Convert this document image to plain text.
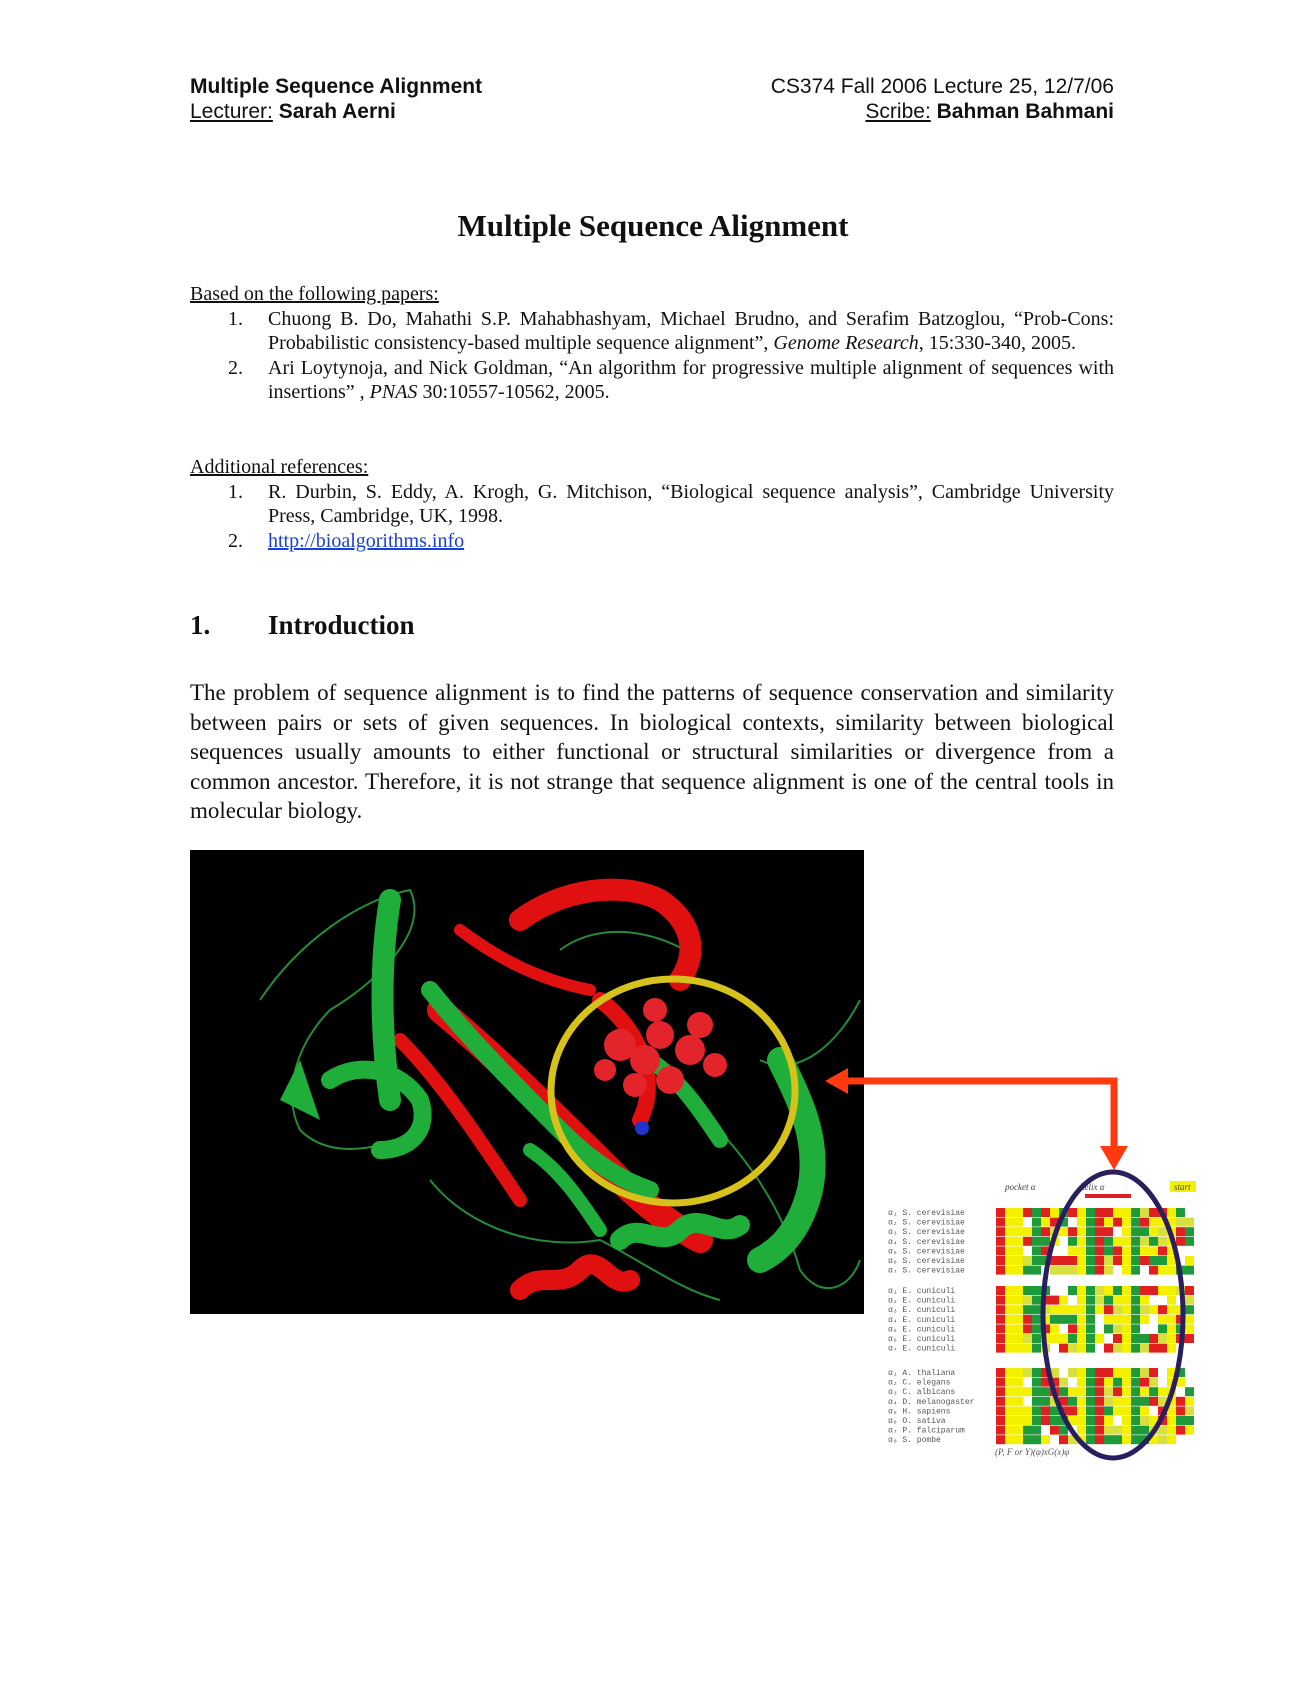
Multiple Sequence Alignment
Lecturer: Sarah Aerni
CS374 Fall 2006 Lecture 25, 12/7/06
Scribe: Bahman Bahmani
Multiple Sequence Alignment
Based on the following papers:
1. Chuong B. Do, Mahathi S.P. Mahabhashyam, Michael Brudno, and Serafim Batzoglou, “Prob-Cons: Probabilistic consistency-based multiple sequence alignment”, Genome Research, 15:330-340, 2005.
2. Ari Loytynoja, and Nick Goldman, “An algorithm for progressive multiple alignment of sequences with insertions” , PNAS 30:10557-10562, 2005.
Additional references:
1. R. Durbin, S. Eddy, A. Krogh, G. Mitchison, “Biological sequence analysis”, Cambridge University Press, Cambridge, UK, 1998.
2. http://bioalgorithms.info
1. Introduction
The problem of sequence alignment is to find the patterns of sequence conservation and similarity between pairs or sets of given sequences. In biological contexts, similarity between biological sequences usually amounts to either functional or structural similarities or divergence from a common ancestor. Therefore, it is not strange that sequence alignment is one of the central tools in molecular biology.
pocket α	helix α	start
α₁ S. cerevisiae
α₂ S. cerevisiae
α₃ S. cerevisiae
α₄ S. cerevisiae
α₅ S. cerevisiae
α₆ S. cerevisiae
α₇ S. cerevisiae
α₁ E. cuniculi
α₂ E. cuniculi
α₃ E. cuniculi
α₄ E. cuniculi
α₅ E. cuniculi
α₆ E. cuniculi
α₇ E. cuniculi
α₁ A. thaliana
α₂ C. elegans
α₃ C. albicans
α₄ D. melanogaster
α₅ H. sapiens
α₆ O. sativa
α₇ P. falciparum
α₈ S. pombe
(P, F or Y)(φ)xG(x)φ
